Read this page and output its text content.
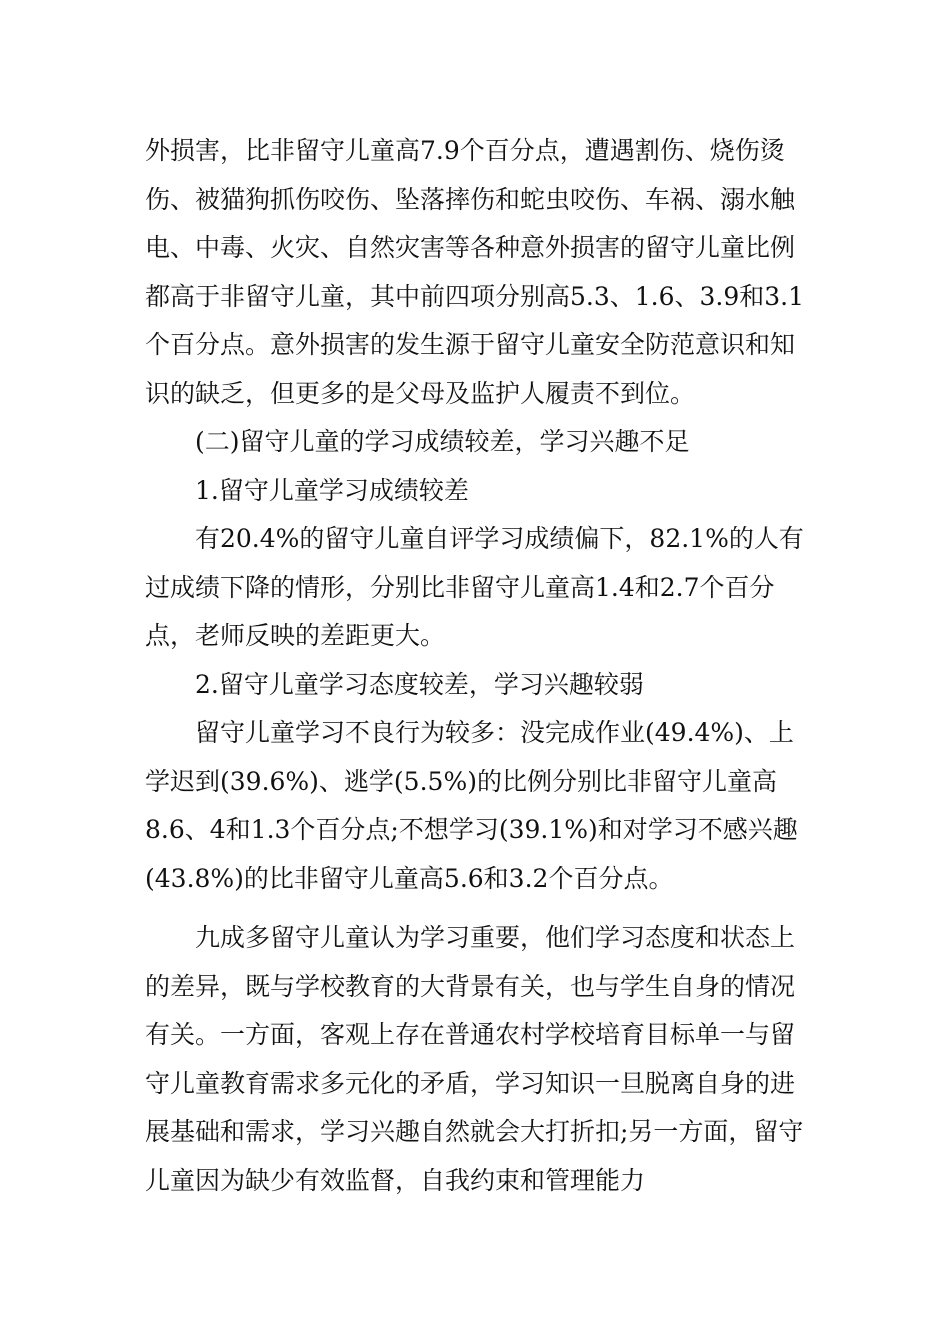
外损害，比非留守儿童高7.9个百分点，遭遇割伤、烧伤烫伤、被猫狗抓伤咬伤、坠落摔伤和蛇虫咬伤、车祸、溺水触电、中毒、火灾、自然灾害等各种意外损害的留守儿童比例都高于非留守儿童，其中前四项分别高5.3、1.6、3.9和3.1个百分点。意外损害的发生源于留守儿童安全防范意识和知识的缺乏，但更多的是父母及监护人履责不到位。

(二)留守儿童的学习成绩较差，学习兴趣不足

1.留守儿童学习成绩较差

有20.4%的留守儿童自评学习成绩偏下，82.1%的人有过成绩下降的情形，分别比非留守儿童高1.4和2.7个百分点，老师反映的差距更大。

2.留守儿童学习态度较差，学习兴趣较弱

留守儿童学习不良行为较多：没完成作业(49.4%)、上学迟到(39.6%)、逃学(5.5%)的比例分别比非留守儿童高8.6、4和1.3个百分点;不想学习(39.1%)和对学习不感兴趣(43.8%)的比非留守儿童高5.6和3.2个百分点。

九成多留守儿童认为学习重要，他们学习态度和状态上的差异，既与学校教育的大背景有关，也与学生自身的情况有关。一方面，客观上存在普通农村学校培育目标单一与留守儿童教育需求多元化的矛盾，学习知识一旦脱离自身的进展基础和需求，学习兴趣自然就会大打折扣;另一方面，留守儿童因为缺少有效监督，自我约束和管理能力
